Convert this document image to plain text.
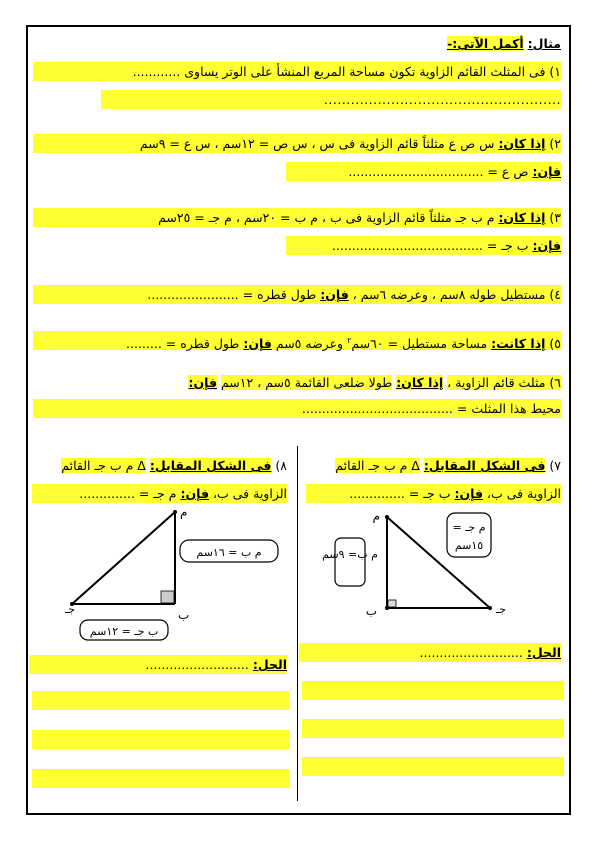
مثال: أكمل الآتى:-
١) فى المثلث القائم الزاوية تكون مساحة المربع المنشأ على الوتر يساوى ............
.....................................................
٢) إذا كان: س ص ع مثلثاً قائم الزاوية فى س ، س ص = ١٢سم ، س ع = ٩سم
فإن: ص ع = ..................................
٣) إذا كان: م ب جـ مثلثاً قائم الزاوية فى ب ، م ب = ٢٠سم ، م جـ = ٢٥سم
فإن: ب جـ = ......................................
٤) مستطيل طوله ٨سم ، وعرضه ٦سم ، فإن: طول قطره = .......................
٥) إذا كانت: مساحة مستطيل = ٦٠سم$^٢$ وعرضه ٥سم فإن: طول قطره = .........
٦) مثلث قائم الزاوية ، إذا كان: طولا ضلعى القائمة ٥سم ، ١٢سم فإن:
محيط هذا المثلث = ......................................
٧) فى الشكل المقابل: Δ م ب جـ القائم
الزاوية فى ب، فإن: ب جـ = ..............
٨) فى الشكل المقابل: Δ م ب جـ القائم
الزاوية فى ب، فإن: م جـ = ..............
م
ب	جـ
م ب= ٩سم
م جـ =
١٥سم
م
ب
جـ
م ب = ١٦سم
ب جـ = ١٢سم
الحل: ..........................
الحل: ..........................
